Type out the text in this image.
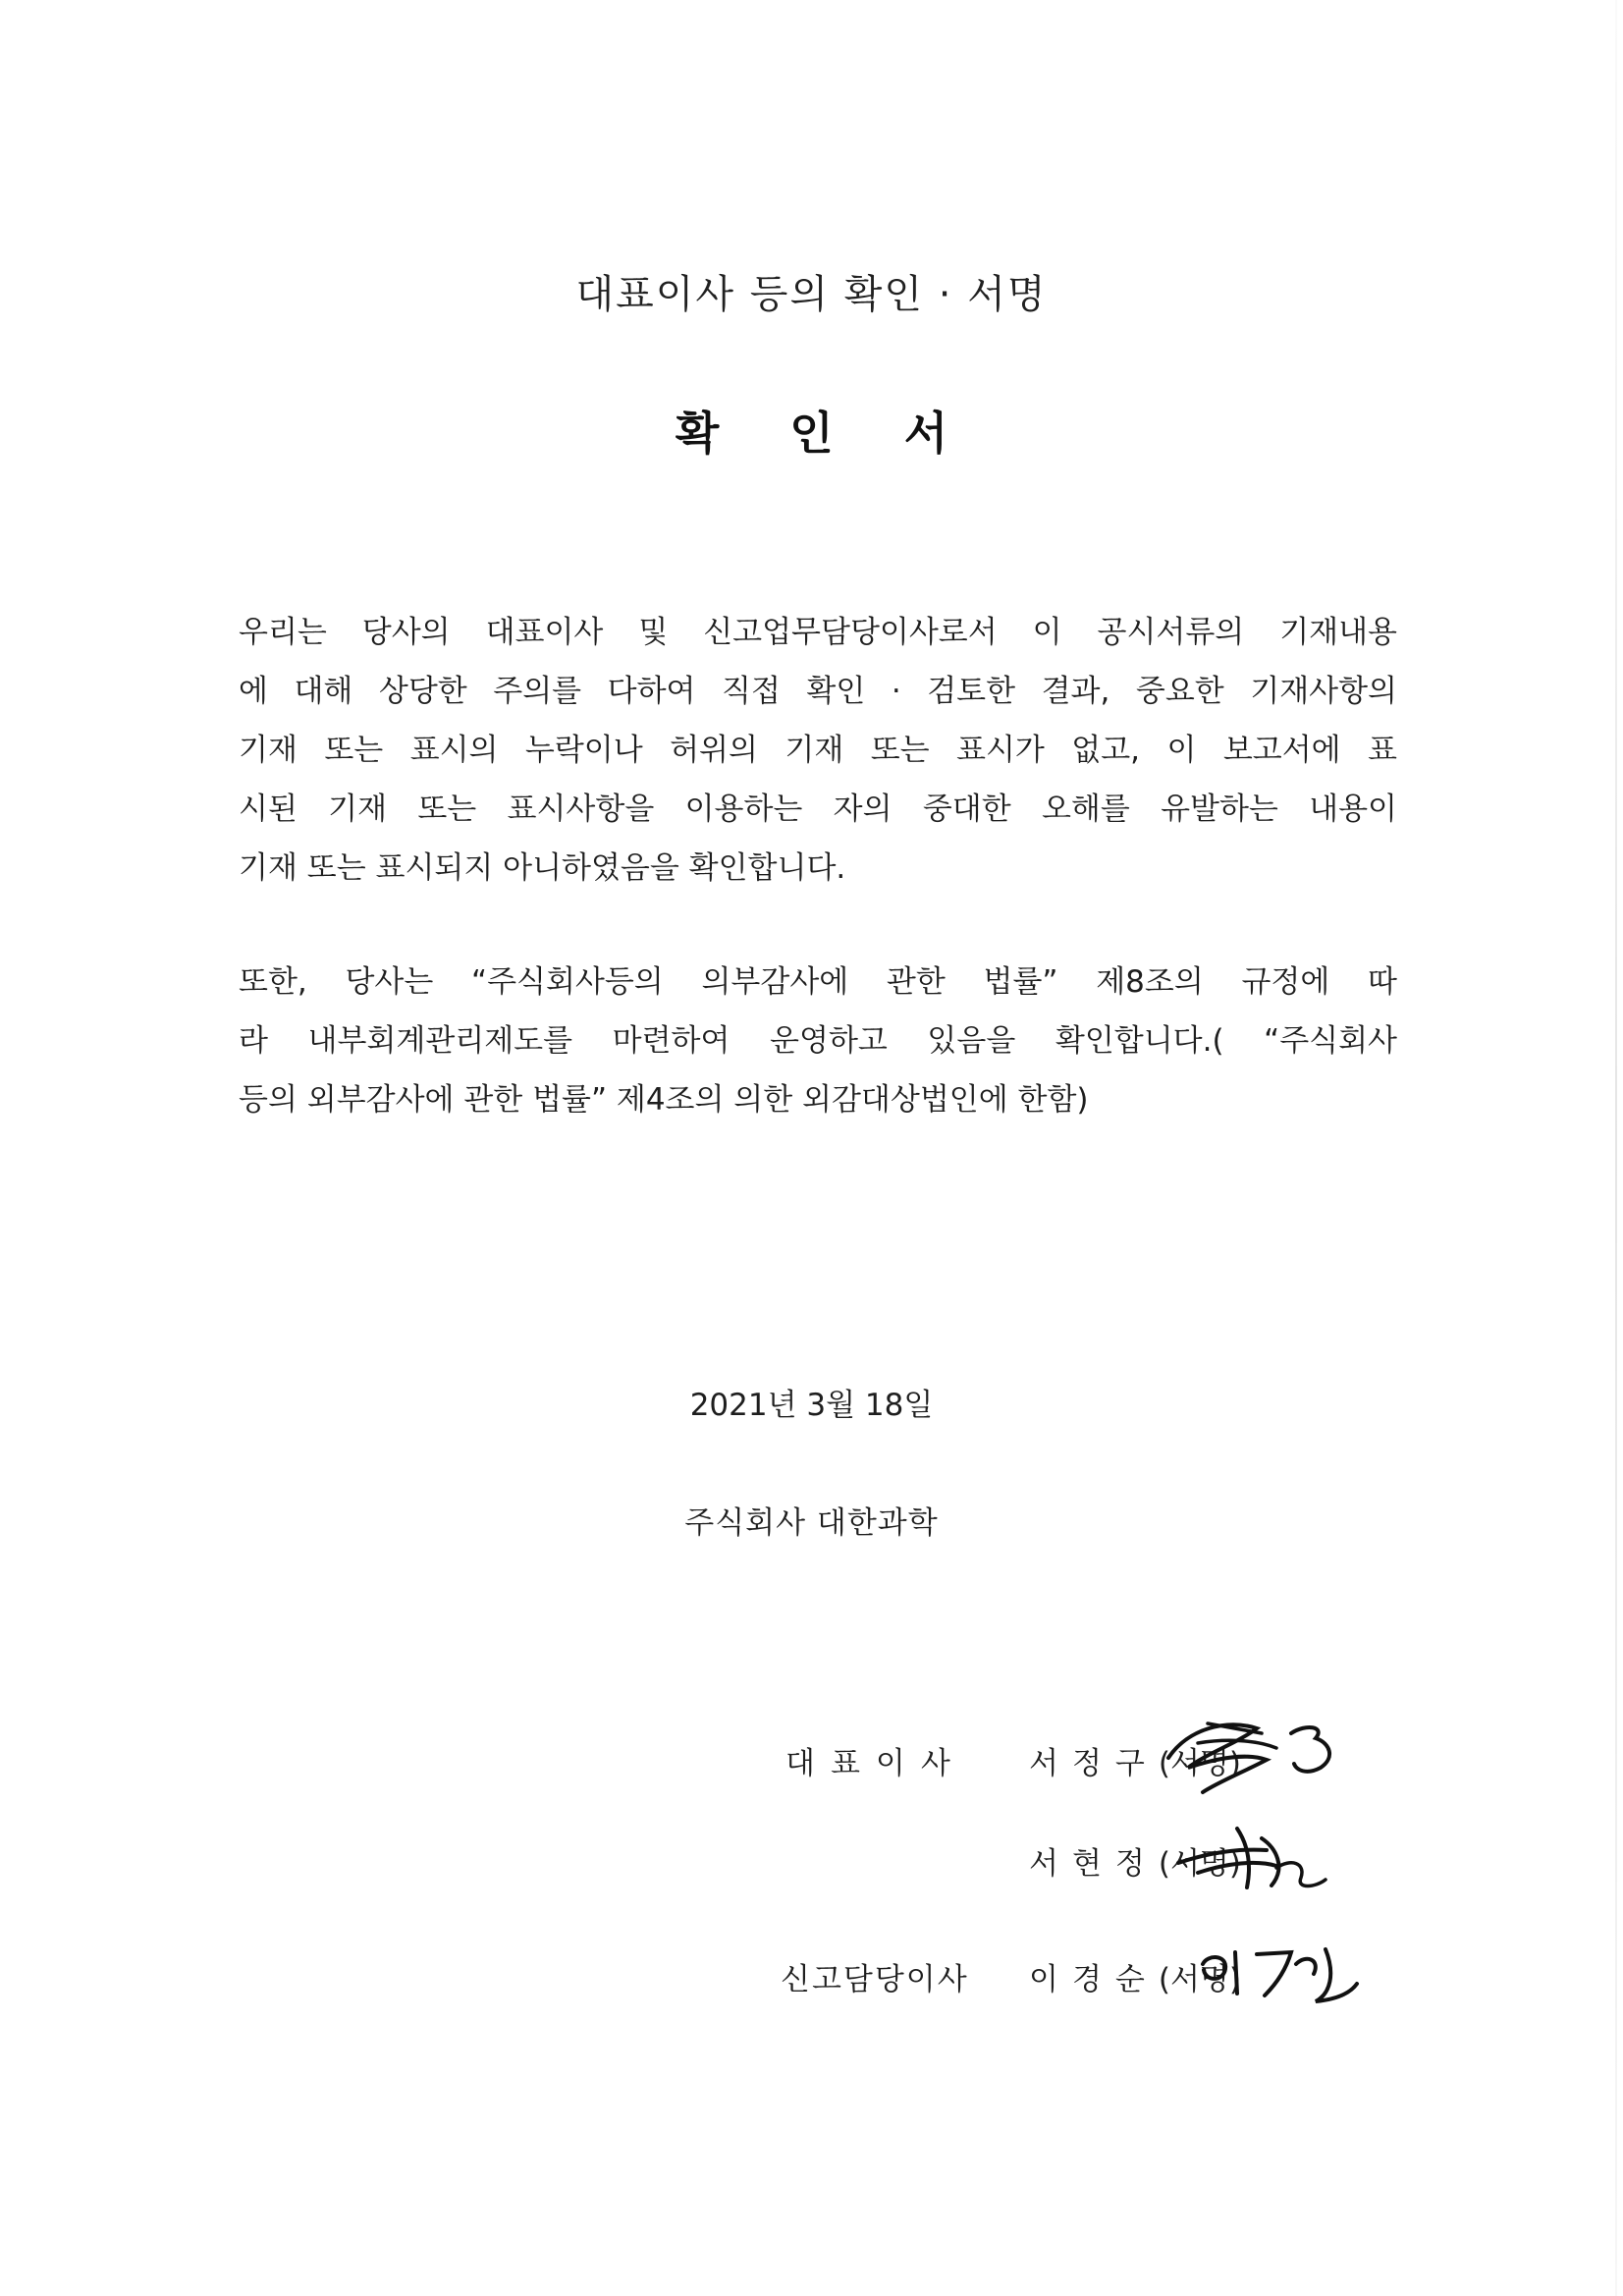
대표이사 등의 확인 · 서명
확 인 서
우리는 당사의 대표이사 및 신고업무담당이사로서 이 공시서류의 기재내용
에 대해 상당한 주의를 다하여 직접 확인 · 검토한 결과, 중요한 기재사항의
기재 또는 표시의 누락이나 허위의 기재 또는 표시가 없고, 이 보고서에 표
시된 기재 또는 표시사항을 이용하는 자의 중대한 오해를 유발하는 내용이
기재 또는 표시되지 아니하였음을 확인합니다.
또한, 당사는 “주식회사등의 의부감사에 관한 법률” 제8조의 규정에 따
라 내부회계관리제도를 마련하여 운영하고 있음을 확인합니다.( “주식회사
등의 외부감사에 관한 법률” 제4조의 의한 외감대상법인에 한함)
2021년 3월 18일
주식회사 대한과학
대표이사 서정구(서명)
서현정(서명)
신고담당이사 이경순(서명)
